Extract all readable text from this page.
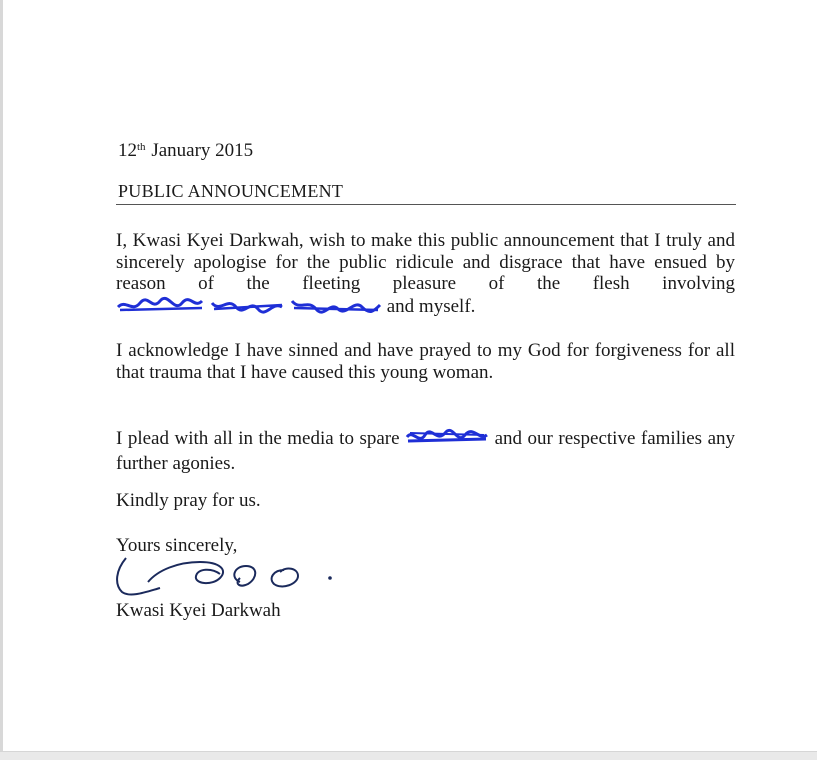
12th January 2015
PUBLIC ANNOUNCEMENT
I, Kwasi Kyei Darkwah, wish to make this public announcement that I truly and sincerely apologise for the public ridicule and disgrace that have ensued by reason of the fleeting pleasure of the flesh involving  and myself.
I acknowledge I have sinned and have prayed to my God for forgiveness for all that trauma that I have caused this young woman.
I plead with all in the media to spare	and our respective families any further agonies.
Kindly pray for us.
Yours sincerely,
Kwasi Kyei Darkwah
